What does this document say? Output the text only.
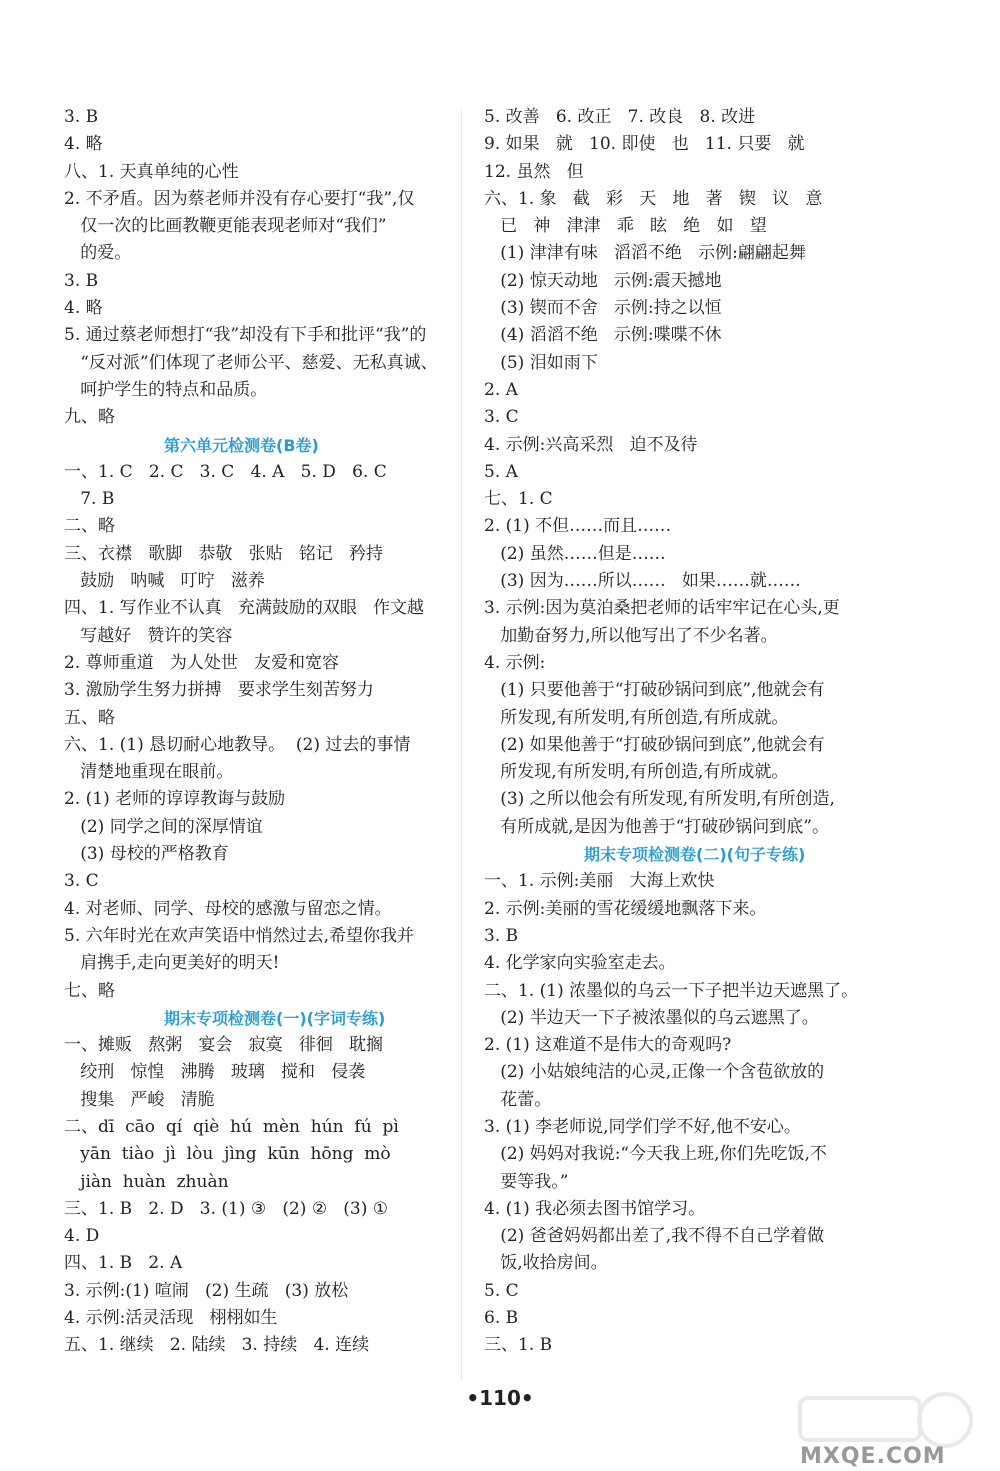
3. B
4. 略
八、1. 天真单纯的心性
2. 不矛盾。因为蔡老师并没有存心要打“我”,仅
仅一次的比画教鞭更能表现老师对“我们”
的爱。
3. B
4. 略
5. 通过蔡老师想打“我”却没有下手和批评“我”的
“反对派”们体现了老师公平、慈爱、无私真诚、
呵护学生的特点和品质。
九、略
第六单元检测卷(B卷)
一、1. C   2. C   3. C   4. A   5. D   6. C
7. B
二、略
三、衣襟   歌脚   恭敬   张贴   铭记   矜持
鼓励   呐喊   叮咛   滋养
四、1. 写作业不认真   充满鼓励的双眼   作文越
写越好   赞许的笑容
2. 尊师重道   为人处世   友爱和宽容
3. 激励学生努力拼搏   要求学生刻苦努力
五、略
六、1. (1) 恳切耐心地教导。  (2) 过去的事情
清楚地重现在眼前。
2. (1) 老师的谆谆教诲与鼓励
(2) 同学之间的深厚情谊
(3) 母校的严格教育
3. C
4. 对老师、同学、母校的感激与留恋之情。
5. 六年时光在欢声笑语中悄然过去,希望你我并
肩携手,走向更美好的明天!
七、略
期末专项检测卷(一)(字词专练)
一、摊贩   熬粥   宴会   寂寞   徘徊   耽搁
绞刑   惊惶   沸腾   玻璃   搅和   侵袭
搜集   严峻   清脆
二、dī  cāo  qí  qiè  hú  mèn  hún  fú  pì
yān  tiào  jì  lòu  jìng  kūn  hōng  mò
jiàn  huàn  zhuàn
三、1. B   2. D   3. (1) ③   (2) ②   (3) ①
4. D
四、1. B   2. A
3. 示例:(1) 喧闹   (2) 生疏   (3) 放松
4. 示例:活灵活现   栩栩如生
五、1. 继续   2. 陆续   3. 持续   4. 连续
5. 改善   6. 改正   7. 改良   8. 改进
9. 如果   就   10. 即使   也   11. 只要   就
12. 虽然   但
六、1. 象   截   彩   天   地   著   锲   议   意
已   神   津津   乖   眩   绝   如   望
(1) 津津有味   滔滔不绝   示例:翩翩起舞
(2) 惊天动地   示例:震天撼地
(3) 锲而不舍   示例:持之以恒
(4) 滔滔不绝   示例:喋喋不休
(5) 泪如雨下
2. A
3. C
4. 示例:兴高采烈   迫不及待
5. A
七、1. C
2. (1) 不但……而且……
(2) 虽然……但是……
(3) 因为……所以……   如果……就……
3. 示例:因为莫泊桑把老师的话牢牢记在心头,更
加勤奋努力,所以他写出了不少名著。
4. 示例:
(1) 只要他善于“打破砂锅问到底”,他就会有
所发现,有所发明,有所创造,有所成就。
(2) 如果他善于“打破砂锅问到底”,他就会有
所发现,有所发明,有所创造,有所成就。
(3) 之所以他会有所发现,有所发明,有所创造,
有所成就,是因为他善于“打破砂锅问到底”。
期末专项检测卷(二)(句子专练)
一、1. 示例:美丽   大海上欢快
2. 示例:美丽的雪花缓缓地飘落下来。
3. B
4. 化学家向实验室走去。
二、1. (1) 浓墨似的乌云一下子把半边天遮黑了。
(2) 半边天一下子被浓墨似的乌云遮黑了。
2. (1) 这难道不是伟大的奇观吗?
(2) 小姑娘纯洁的心灵,正像一个含苞欲放的
花蕾。
3. (1) 李老师说,同学们学不好,他不安心。
(2) 妈妈对我说:“今天我上班,你们先吃饭,不
要等我。”
4. (1) 我必须去图书馆学习。
(2) 爸爸妈妈都出差了,我不得不自己学着做
饭,收拾房间。
5. C
6. B
三、1. B
•110•
MXQE.COM
